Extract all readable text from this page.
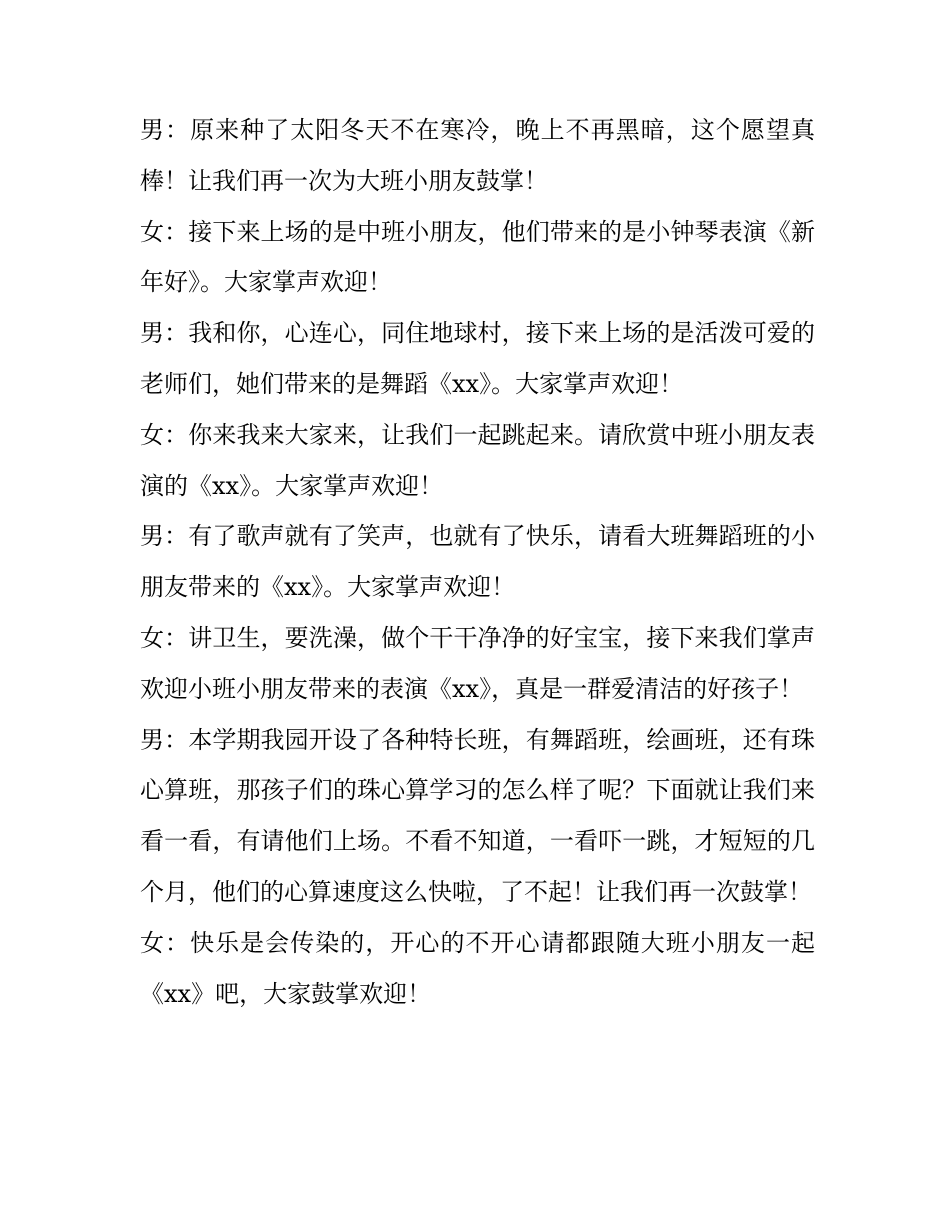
男：原来种了太阳冬天不在寒冷，晚上不再黑暗，这个愿望真棒！让我们再一次为大班小朋友鼓掌！

女：接下来上场的是中班小朋友，他们带来的是小钟琴表演《新年好》。大家掌声欢迎！

男：我和你，心连心，同住地球村，接下来上场的是活泼可爱的老师们，她们带来的是舞蹈《xx》。大家掌声欢迎！

女：你来我来大家来，让我们一起跳起来。请欣赏中班小朋友表演的《xx》。大家掌声欢迎！

男：有了歌声就有了笑声，也就有了快乐，请看大班舞蹈班的小朋友带来的《xx》。大家掌声欢迎！

女：讲卫生，要洗澡，做个干干净净的好宝宝，接下来我们掌声欢迎小班小朋友带来的表演《xx》，真是一群爱清洁的好孩子！

男：本学期我园开设了各种特长班，有舞蹈班，绘画班，还有珠心算班，那孩子们的珠心算学习的怎么样了呢？下面就让我们来看一看，有请他们上场。不看不知道，一看吓一跳，才短短的几个月，他们的心算速度这么快啦，了不起！让我们再一次鼓掌！

女：快乐是会传染的，开心的不开心请都跟随大班小朋友一起《xx》吧，大家鼓掌欢迎！
